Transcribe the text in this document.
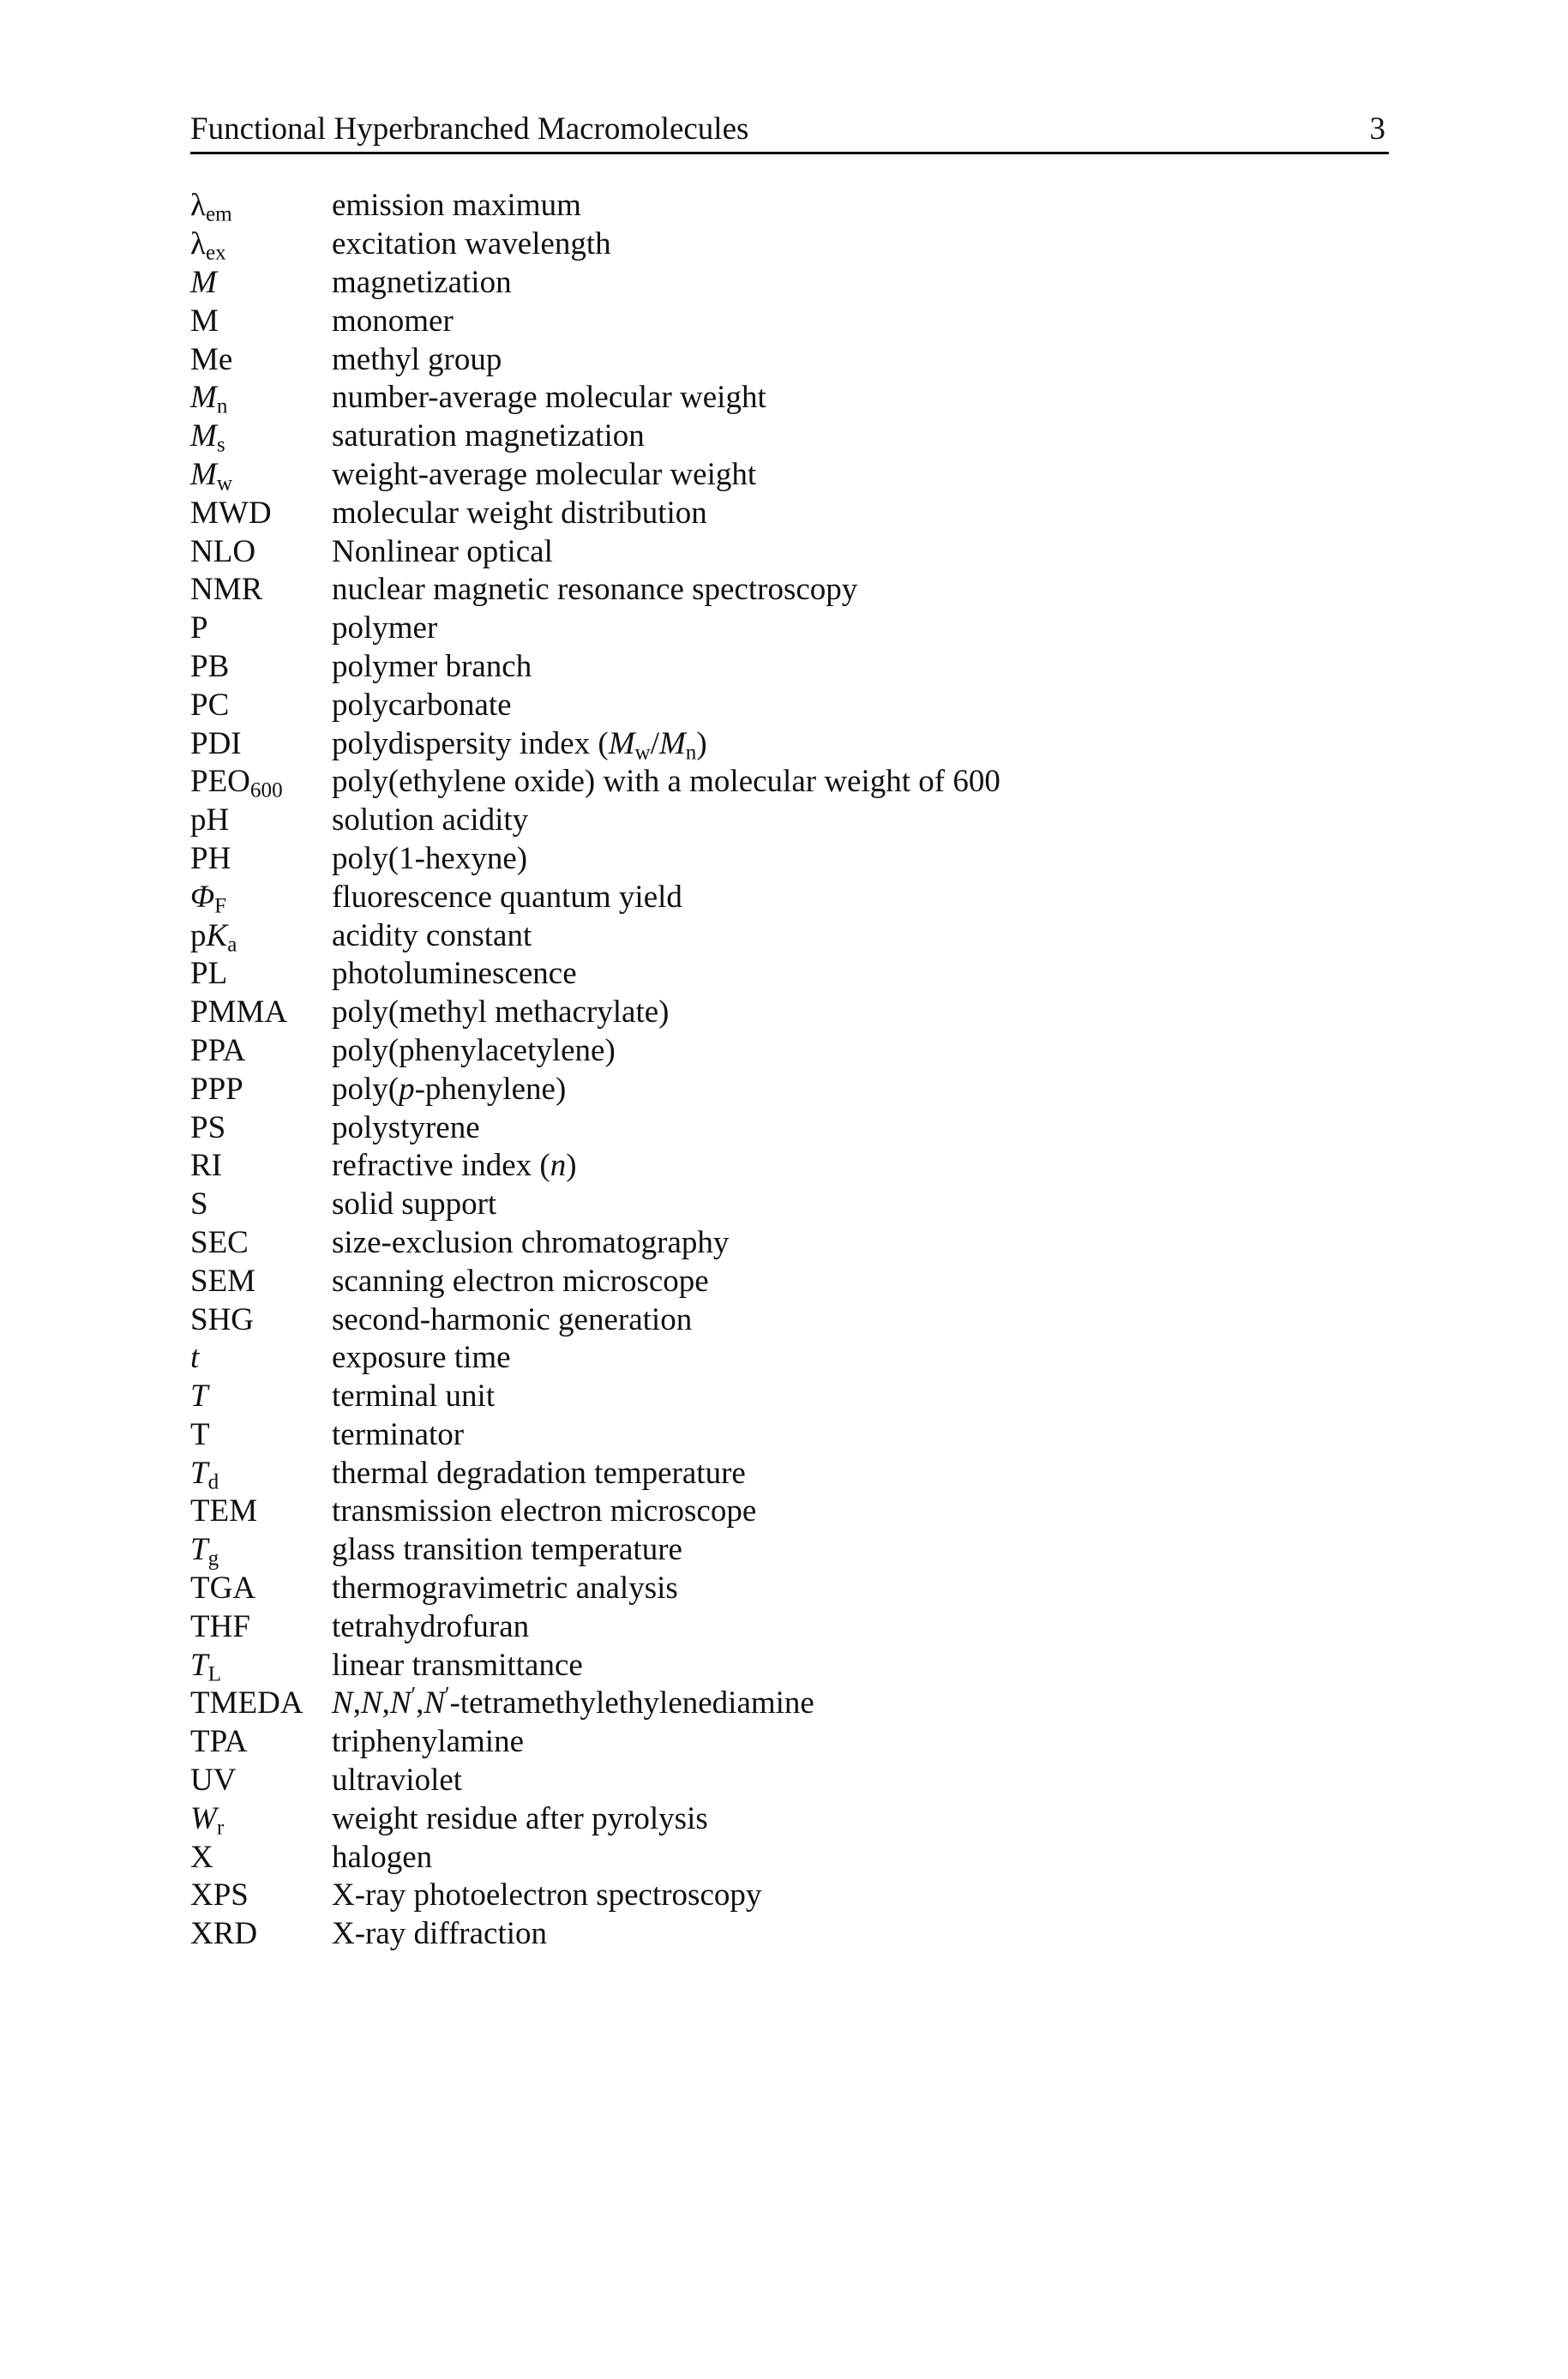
Functional Hyperbranched Macromolecules	3
$\lambda_{em}$	emission maximum
$\lambda_{ex}$	excitation wavelength
M	magnetization
M	monomer
Me	methyl group
$M_n$	number-average molecular weight
$M_s$	saturation magnetization
$M_w$	weight-average molecular weight
MWD	molecular weight distribution
NLO	Nonlinear optical
NMR	nuclear magnetic resonance spectroscopy
P	polymer
PB	polymer branch
PC	polycarbonate
PDI	polydispersity index $(M_w/M_n)$
$PEO_{600}$	poly(ethylene oxide) with a molecular weight of 600
pH	solution acidity
PH	poly(1-hexyne)
$\Phi_F$	fluorescence quantum yield
$pK_a$	acidity constant
PL	photoluminescence
PMMA	poly(methyl methacrylate)
PPA	poly(phenylacetylene)
PPP	poly(p-phenylene)
PS	polystyrene
RI	refractive index (n)
S	solid support
SEC	size-exclusion chromatography
SEM	scanning electron microscope
SHG	second-harmonic generation
t	exposure time
T	terminal unit
T	terminator
$T_d$	thermal degradation temperature
TEM	transmission electron microscope
$T_g$	glass transition temperature
TGA	thermogravimetric analysis
THF	tetrahydrofuran
$T_L$	linear transmittance
TMEDA N,N,N′,N′-tetramethylethylenediamine
TPA	triphenylamine
UV	ultraviolet
$W_r$	weight residue after pyrolysis
X	halogen
XPS	X-ray photoelectron spectroscopy
XRD	X-ray diffraction
